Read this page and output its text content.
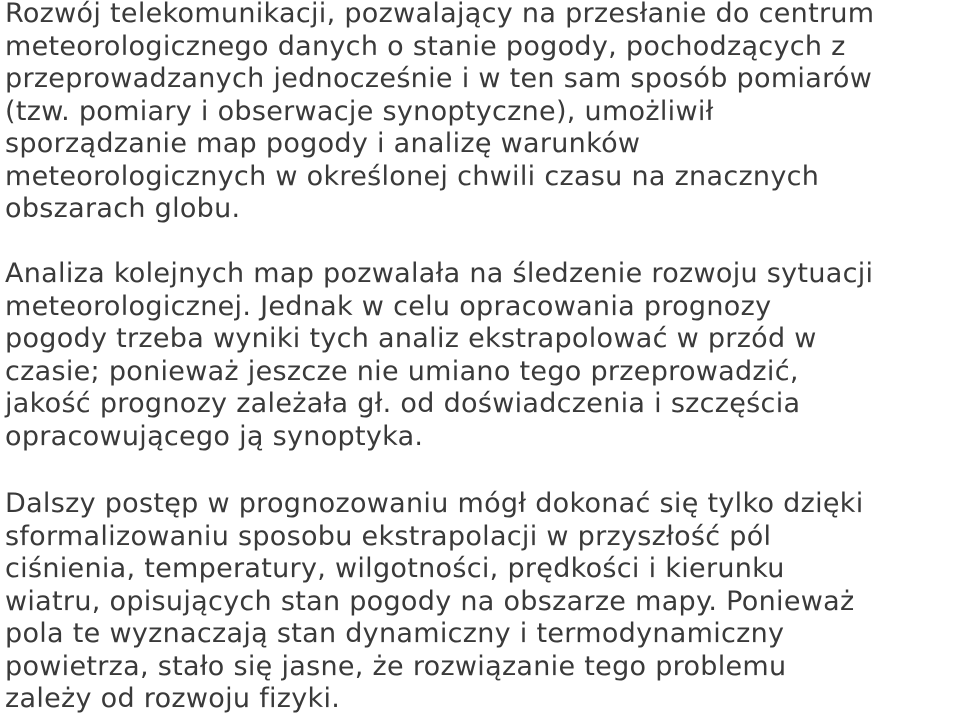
Rozwój telekomunikacji, pozwalający na przesłanie do centrum
meteorologicznego danych o stanie pogody, pochodzących z
przeprowadzanych jednocześnie i w ten sam sposób pomiarów
(tzw. pomiary i obserwacje synoptyczne), umożliwił
sporządzanie map pogody i analizę warunków
meteorologicznych w określonej chwili czasu na znacznych
obszarach globu.
Analiza kolejnych map pozwalała na śledzenie rozwoju sytuacji
meteorologicznej. Jednak w celu opracowania prognozy
pogody trzeba wyniki tych analiz ekstrapolować w przód w
czasie; ponieważ jeszcze nie umiano tego przeprowadzić,
jakość prognozy zależała gł. od doświadczenia i szczęścia
opracowującego ją synoptyka.
Dalszy postęp w prognozowaniu mógł dokonać się tylko dzięki
sformalizowaniu sposobu ekstrapolacji w przyszłość pól
ciśnienia, temperatury, wilgotności, prędkości i kierunku
wiatru, opisujących stan pogody na obszarze mapy. Ponieważ
pola te wyznaczają stan dynamiczny i termodynamiczny
powietrza, stało się jasne, że rozwiązanie tego problemu
zależy od rozwoju fizyki.
